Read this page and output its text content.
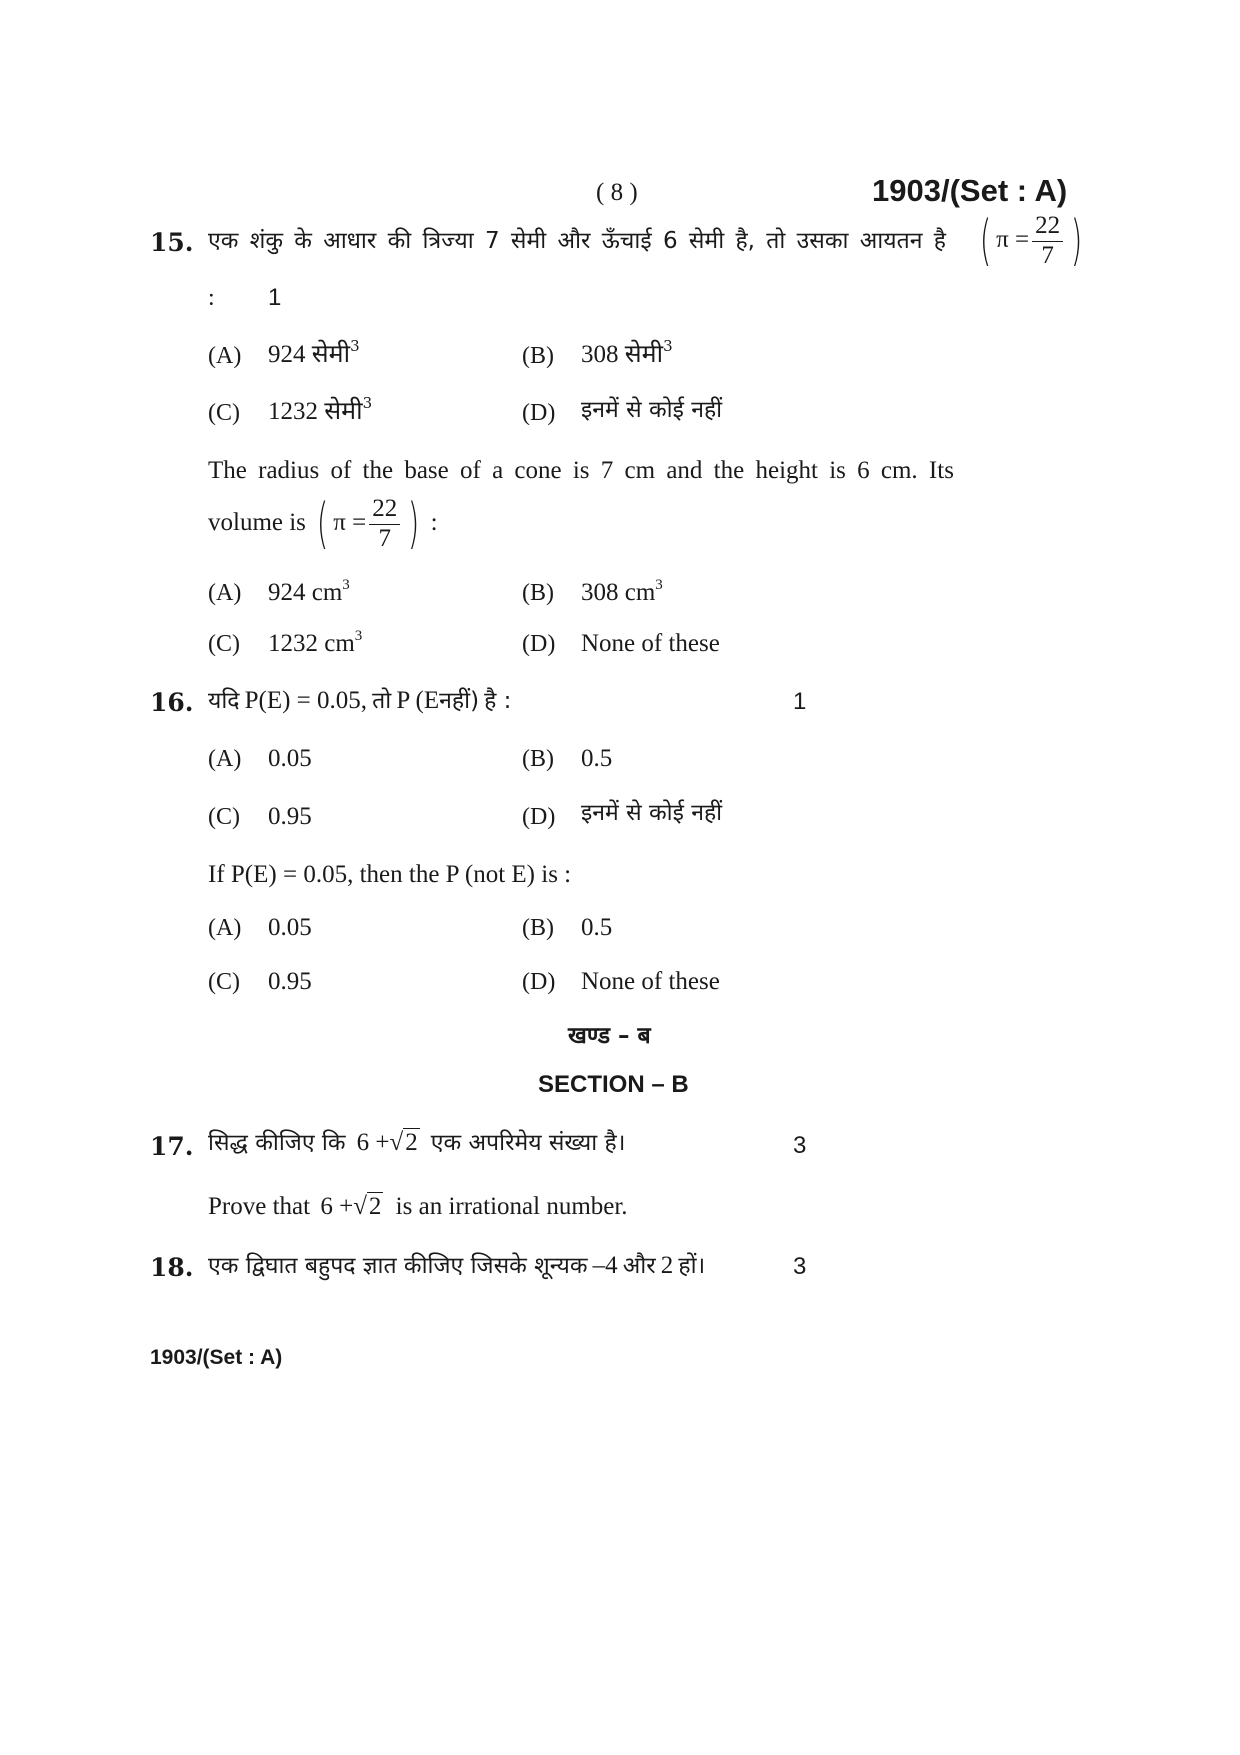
( 8 )	1903/(Set : A)
15. एक शंकु के आधार की त्रिज्या 7 सेमी और ऊँचाई 6 सेमी है, तो उसका आयतन है ( $\pi = \frac{22}{7}$ )
: 1
(A) 924 सेमी$^3$	(B) 308 सेमी$^3$
(C) 1232 सेमी$^3$	(D) इनमें से कोई नहीं
The radius of the base of a cone is 7 cm and the height is 6 cm. Its
volume is ( $\pi = \frac{22}{7}$ ) :
(A) 924 $cm^3$	(B) 308 $cm^3$
(C) 1232 $cm^3$	(D) None of these
16. यदि P(E) = 0.05, तो P (Eनहीं) है :	1
(A) 0.05	(B) 0.5
(C) 0.95	(D) इनमें से कोई नहीं
If P(E) = 0.05, then the P (not E) is :
(A) 0.05	(B) 0.5
(C) 0.95	(D) None of these
खण्ड – ब
SECTION – B
17. सिद्ध कीजिए कि 6 +√2 एक अपरिमेय संख्या है।	3
Prove that 6 +√2 is an irrational number.
18. एक द्विघात बहुपद ज्ञात कीजिए जिसके शून्यक –4 और 2 हों।	3
1903/(Set : A)
